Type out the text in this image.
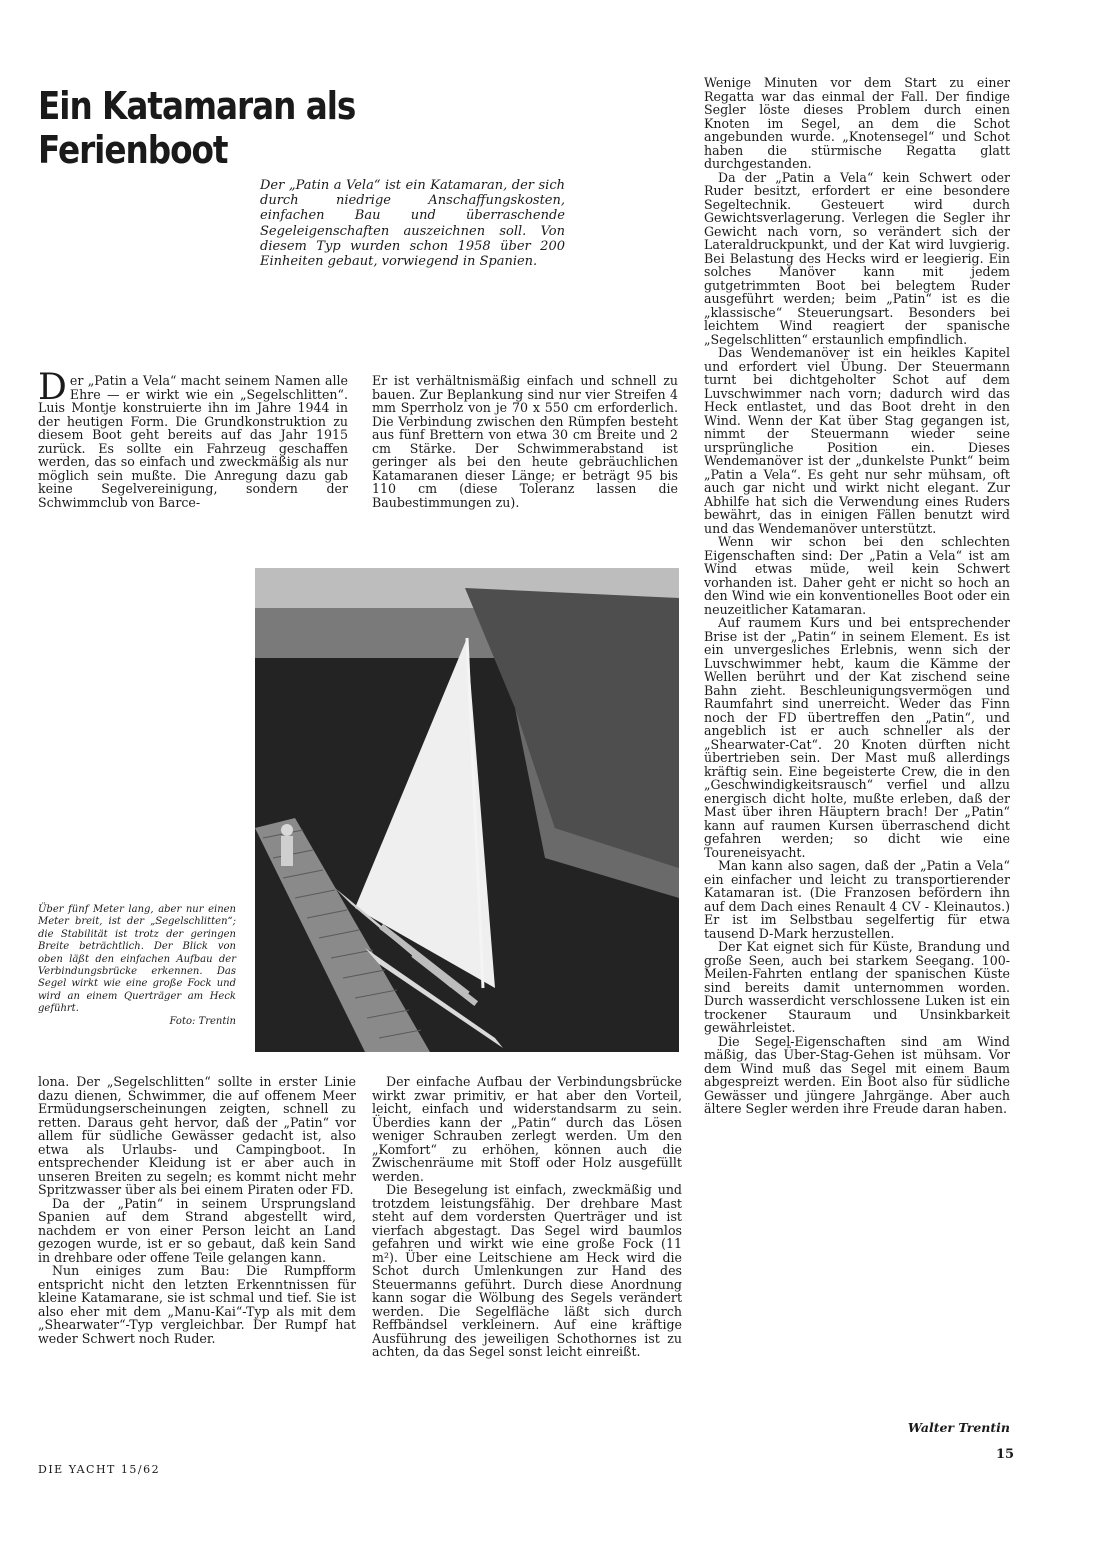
Ein Katamaran als Ferienboot

Der „Patin a Vela“ ist ein Katamaran, der sich durch niedrige Anschaffungskosten, einfachen Bau und überraschende Segeleigenschaften auszeichnen soll. Von diesem Typ wurden schon 1958 über 200 Einheiten gebaut, vorwiegend in Spanien.

Der „Patin a Vela“ macht seinem Namen alle Ehre — er wirkt wie ein „Segelschlitten“. Luis Montje konstruierte ihn im Jahre 1944 in der heutigen Form. Die Grundkonstruktion zu diesem Boot geht bereits auf das Jahr 1915 zurück. Es sollte ein Fahrzeug geschaffen werden, das so einfach und zweckmäßig als nur möglich sein mußte. Die Anregung dazu gab keine Segelvereinigung, sondern der Schwimmclub von Barce-

Er ist verhältnismäßig einfach und schnell zu bauen. Zur Beplankung sind nur vier Streifen 4 mm Sperrholz von je 70 x 550 cm erforderlich. Die Verbindung zwischen den Rümpfen besteht aus fünf Brettern von etwa 30 cm Breite und 2 cm Stärke. Der Schwimmerabstand ist geringer als bei den heute gebräuchlichen Katamaranen dieser Länge; er beträgt 95 bis 110 cm (diese Toleranz lassen die Baubestimmungen zu).

Über fünf Meter lang, aber nur einen Meter breit, ist der „Segelschlitten“; die Stabilität ist trotz der geringen Breite beträchtlich. Der Blick von oben läßt den einfachen Aufbau der Verbindungsbrücke erkennen. Das Segel wirkt wie eine große Fock und wird an einem Querträger am Heck geführt.
Foto: Trentin

lona. Der „Segelschlitten“ sollte in erster Linie dazu dienen, Schwimmer, die auf offenem Meer Ermüdungserscheinungen zeigten, schnell zu retten. Daraus geht hervor, daß der „Patin“ vor allem für südliche Gewässer gedacht ist, also etwa als Urlaubs- und Campingboot. In entsprechender Kleidung ist er aber auch in unseren Breiten zu segeln; es kommt nicht mehr Spritzwasser über als bei einem Piraten oder FD.

Da der „Patin“ in seinem Ursprungsland Spanien auf dem Strand abgestellt wird, nachdem er von einer Person leicht an Land gezogen wurde, ist er so gebaut, daß kein Sand in drehbare oder offene Teile gelangen kann.

Nun einiges zum Bau: Die Rumpfform entspricht nicht den letzten Erkenntnissen für kleine Katamarane, sie ist schmal und tief. Sie ist also eher mit dem „Manu-Kai“-Typ als mit dem „Shearwater“-Typ vergleichbar. Der Rumpf hat weder Schwert noch Ruder.

Der einfache Aufbau der Verbindungsbrücke wirkt zwar primitiv, er hat aber den Vorteil, leicht, einfach und widerstandsarm zu sein. Überdies kann der „Patin“ durch das Lösen weniger Schrauben zerlegt werden. Um den „Komfort“ zu erhöhen, können auch die Zwischenräume mit Stoff oder Holz ausgefüllt werden.

Die Besegelung ist einfach, zweckmäßig und trotzdem leistungsfähig. Der drehbare Mast steht auf dem vordersten Querträger und ist vierfach abgestagt. Das Segel wird baumlos gefahren und wirkt wie eine große Fock (11 m²). Über eine Leitschiene am Heck wird die Schot durch Umlenkungen zur Hand des Steuermanns geführt. Durch diese Anordnung kann sogar die Wölbung des Segels verändert werden. Die Segelfläche läßt sich durch Reffbändsel verkleinern. Auf eine kräftige Ausführung des jeweiligen Schothornes ist zu achten, da das Segel sonst leicht einreißt.

Wenige Minuten vor dem Start zu einer Regatta war das einmal der Fall. Der findige Segler löste dieses Problem durch einen Knoten im Segel, an dem die Schot angebunden wurde. „Knotensegel“ und Schot haben die stürmische Regatta glatt durchgestanden.

Da der „Patin a Vela“ kein Schwert oder Ruder besitzt, erfordert er eine besondere Segeltechnik. Gesteuert wird durch Gewichtsverlagerung. Verlegen die Segler ihr Gewicht nach vorn, so verändert sich der Lateraldruckpunkt, und der Kat wird luvgierig. Bei Belastung des Hecks wird er leegierig. Ein solches Manöver kann mit jedem gutgetrimmten Boot bei belegtem Ruder ausgeführt werden; beim „Patin“ ist es die „klassische“ Steuerungsart. Besonders bei leichtem Wind reagiert der spanische „Segelschlitten“ erstaunlich empfindlich.

Das Wendemanöver ist ein heikles Kapitel und erfordert viel Übung. Der Steuermann turnt bei dichtgeholter Schot auf dem Luvschwimmer nach vorn; dadurch wird das Heck entlastet, und das Boot dreht in den Wind. Wenn der Kat über Stag gegangen ist, nimmt der Steuermann wieder seine ursprüngliche Position ein. Dieses Wendemanöver ist der „dunkelste Punkt“ beim „Patin a Vela“. Es geht nur sehr mühsam, oft auch gar nicht und wirkt nicht elegant. Zur Abhilfe hat sich die Verwendung eines Ruders bewährt, das in einigen Fällen benutzt wird und das Wendemanöver unterstützt.

Wenn wir schon bei den schlechten Eigenschaften sind: Der „Patin a Vela“ ist am Wind etwas müde, weil kein Schwert vorhanden ist. Daher geht er nicht so hoch an den Wind wie ein konventionelles Boot oder ein neuzeitlicher Katamaran.

Auf raumem Kurs und bei entsprechender Brise ist der „Patin“ in seinem Element. Es ist ein unvergesliches Erlebnis, wenn sich der Luvschwimmer hebt, kaum die Kämme der Wellen berührt und der Kat zischend seine Bahn zieht. Beschleunigungsvermögen und Raumfahrt sind unerreicht. Weder das Finn noch der FD übertreffen den „Patin“, und angeblich ist er auch schneller als der „Shearwater-Cat“. 20 Knoten dürften nicht übertrieben sein. Der Mast muß allerdings kräftig sein. Eine begeisterte Crew, die in den „Geschwindigkeitsrausch“ verfiel und allzu energisch dicht holte, mußte erleben, daß der Mast über ihren Häuptern brach! Der „Patin“ kann auf raumen Kursen überraschend dicht gefahren werden; so dicht wie eine Toureneisyacht.

Man kann also sagen, daß der „Patin a Vela“ ein einfacher und leicht zu transportierender Katamaran ist. (Die Franzosen befördern ihn auf dem Dach eines Renault 4 CV - Kleinautos.) Er ist im Selbstbau segelfertig für etwa tausend D-Mark herzustellen.

Der Kat eignet sich für Küste, Brandung und große Seen, auch bei starkem Seegang. 100-Meilen-Fahrten entlang der spanischen Küste sind bereits damit unternommen worden. Durch wasserdicht verschlossene Luken ist ein trockener Stauraum und Unsinkbarkeit gewährleistet.

Die Segel-Eigenschaften sind am Wind mäßig, das Über-Stag-Gehen ist mühsam. Vor dem Wind muß das Segel mit einem Baum abgespreizt werden. Ein Boot also für südliche Gewässer und jüngere Jahrgänge. Aber auch ältere Segler werden ihre Freude daran haben.

Walter Trentin

DIE YACHT 15/62

15
